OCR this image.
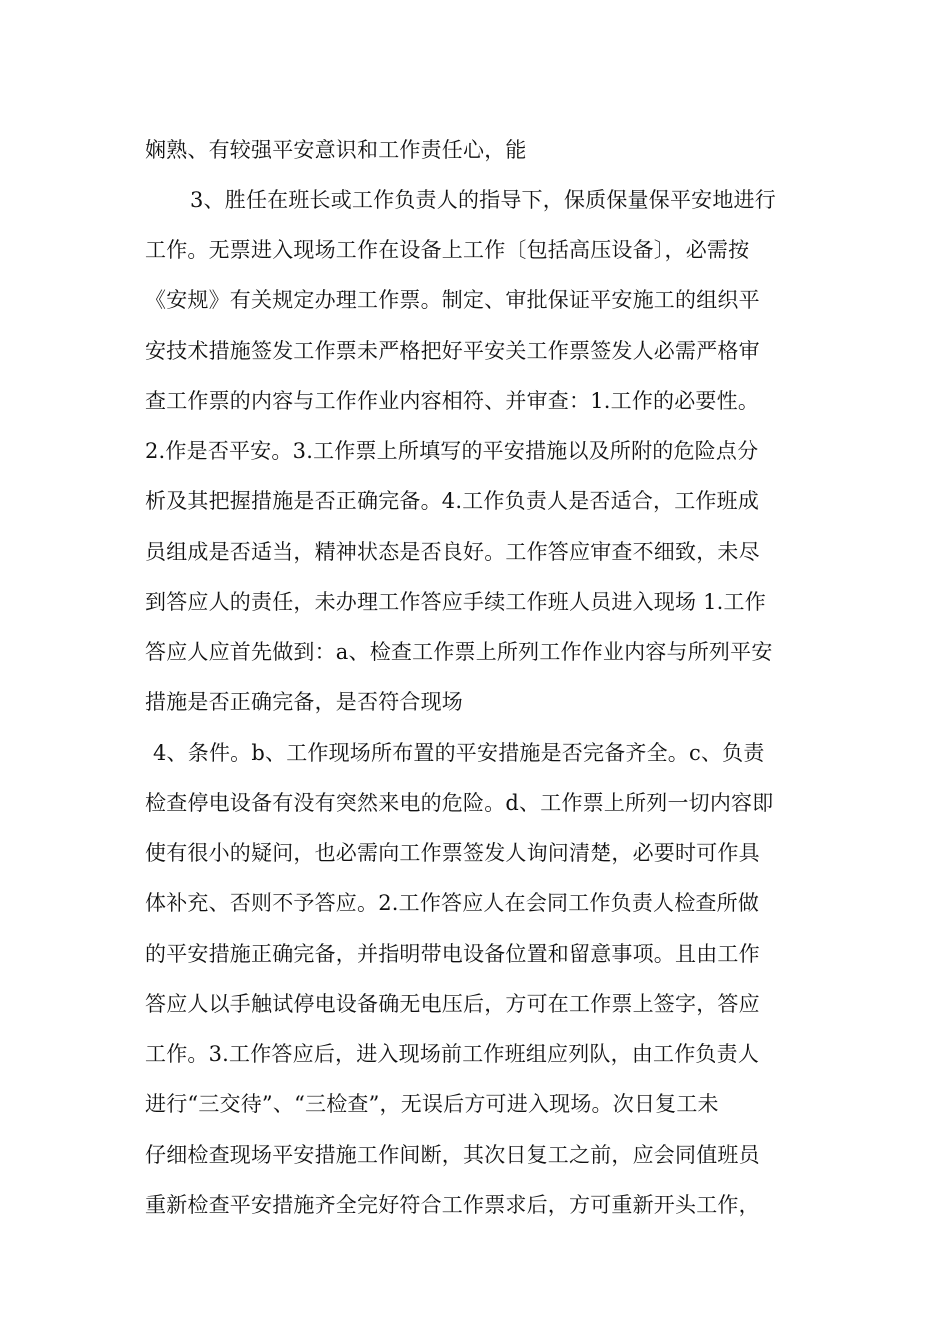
娴熟、有较强平安意识和工作责任心，能
3、胜任在班长或工作负责人的指导下，保质保量保平安地进行
工作。无票进入现场工作在设备上工作〔包括高压设备〕，必需按
《安规》有关规定办理工作票。制定、审批保证平安施工的组织平
安技术措施签发工作票未严格把好平安关工作票签发人必需严格审
查工作票的内容与工作作业内容相符、并审查：1.工作的必要性。
2.作是否平安。3.工作票上所填写的平安措施以及所附的危险点分
析及其把握措施是否正确完备。4.工作负责人是否适合，工作班成
员组成是否适当，精神状态是否良好。工作答应审查不细致，未尽
到答应人的责任，未办理工作答应手续工作班人员进入现场 1.工作
答应人应首先做到：a、检查工作票上所列工作作业内容与所列平安
措施是否正确完备，是否符合现场
4、条件。b、工作现场所布置的平安措施是否完备齐全。c、负责
检查停电设备有没有突然来电的危险。d、工作票上所列一切内容即
使有很小的疑问，也必需向工作票签发人询问清楚，必要时可作具
体补充、否则不予答应。2.工作答应人在会同工作负责人检查所做
的平安措施正确完备，并指明带电设备位置和留意事项。且由工作
答应人以手触试停电设备确无电压后，方可在工作票上签字，答应
工作。3.工作答应后，进入现场前工作班组应列队，由工作负责人
进行“三交待”、“三检查”，无误后方可进入现场。次日复工未
仔细检查现场平安措施工作间断，其次日复工之前，应会同值班员
重新检查平安措施齐全完好符合工作票求后，方可重新开头工作，
